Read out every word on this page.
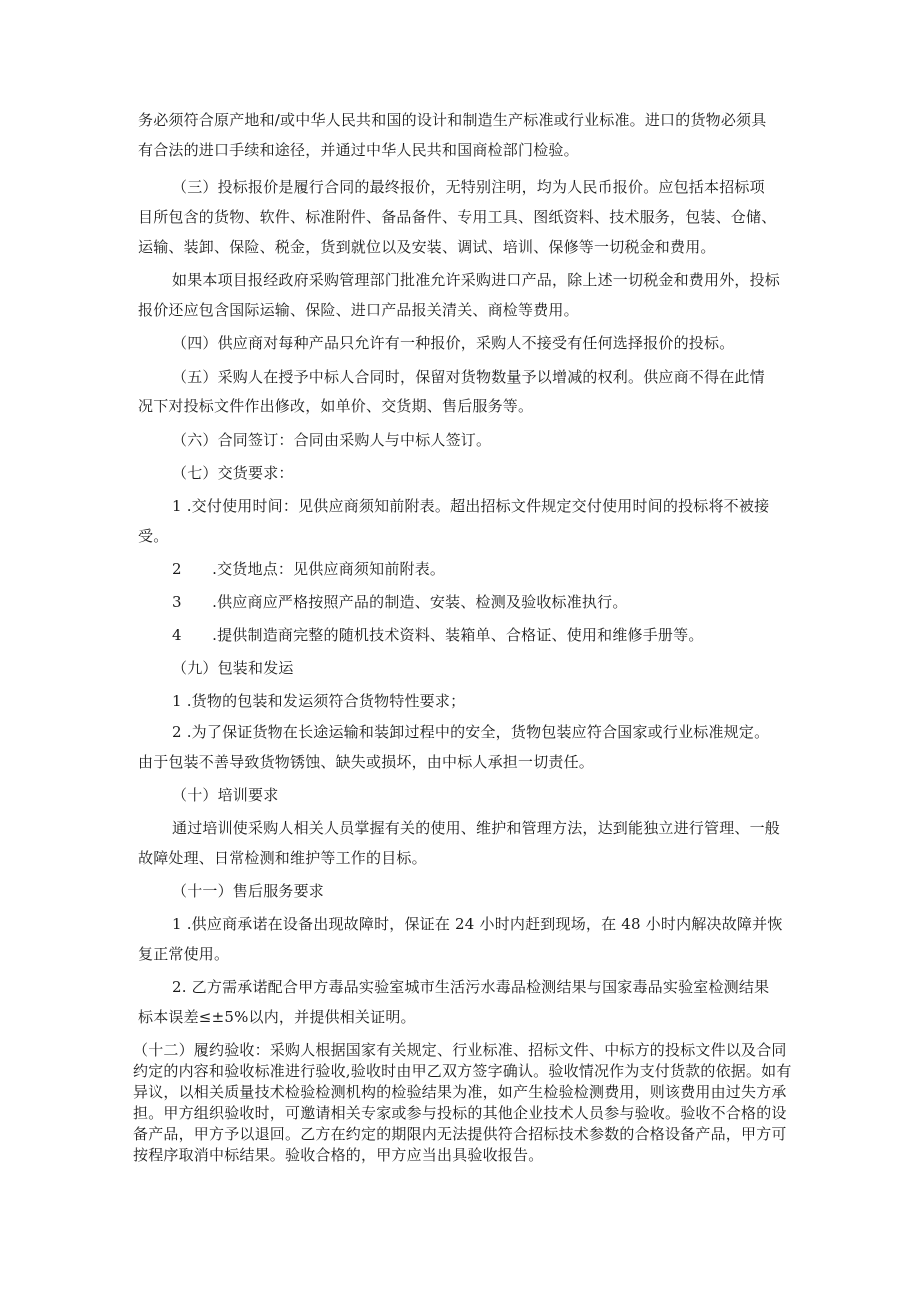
务必须符合原产地和/或中华人民共和国的设计和制造生产标准或行业标准。进口的货物必须具

有合法的进口手续和途径，并通过中华人民共和国商检部门检验。

（三）投标报价是履行合同的最终报价，无特别注明，均为人民币报价。应包括本招标项

目所包含的货物、软件、标准附件、备品备件、专用工具、图纸资料、技术服务，包装、仓储、

运输、装卸、保险、税金，货到就位以及安装、调试、培训、保修等一切税金和费用。

如果本项目报经政府采购管理部门批准允许采购进口产品，除上述一切税金和费用外，投标

报价还应包含国际运输、保险、进口产品报关清关、商检等费用。

（四）供应商对每种产品只允许有一种报价，采购人不接受有任何选择报价的投标。

（五）采购人在授予中标人合同时，保留对货物数量予以增减的权利。供应商不得在此情

况下对投标文件作出修改，如单价、交货期、售后服务等。

（六）合同签订：合同由采购人与中标人签订。

（七）交货要求：

1 .交付使用时间：见供应商须知前附表。超出招标文件规定交付使用时间的投标将不被接

受。

2　　.交货地点：见供应商须知前附表。

3　　.供应商应严格按照产品的制造、安装、检测及验收标准执行。

4　　.提供制造商完整的随机技术资料、装箱单、合格证、使用和维修手册等。

（九）包装和发运

1 .货物的包装和发运须符合货物特性要求；

2 .为了保证货物在长途运输和装卸过程中的安全，货物包装应符合国家或行业标准规定。

由于包装不善导致货物锈蚀、缺失或损坏，由中标人承担一切责任。

（十）培训要求

通过培训使采购人相关人员掌握有关的使用、维护和管理方法，达到能独立进行管理、一般

故障处理、日常检测和维护等工作的目标。

（十一）售后服务要求

1 .供应商承诺在设备出现故障时，保证在 24 小时内赶到现场，在 48 小时内解决故障并恢

复正常使用。

2. 乙方需承诺配合甲方毒品实验室城市生活污水毒品检测结果与国家毒品实验室检测结果

标本误差≤±5%以内，并提供相关证明。

（十二）履约验收：采购人根据国家有关规定、行业标准、招标文件、中标方的投标文件以及合同约定的内容和验收标准进行验收,验收时由甲乙双方签字确认。验收情况作为支付货款的依据。如有异议，以相关质量技术检验检测机构的检验结果为准，如产生检验检测费用，则该费用由过失方承担。甲方组织验收时，可邀请相关专家或参与投标的其他企业技术人员参与验收。验收不合格的设备产品，甲方予以退回。乙方在约定的期限内无法提供符合招标技术参数的合格设备产品，甲方可按程序取消中标结果。验收合格的，甲方应当出具验收报告。
